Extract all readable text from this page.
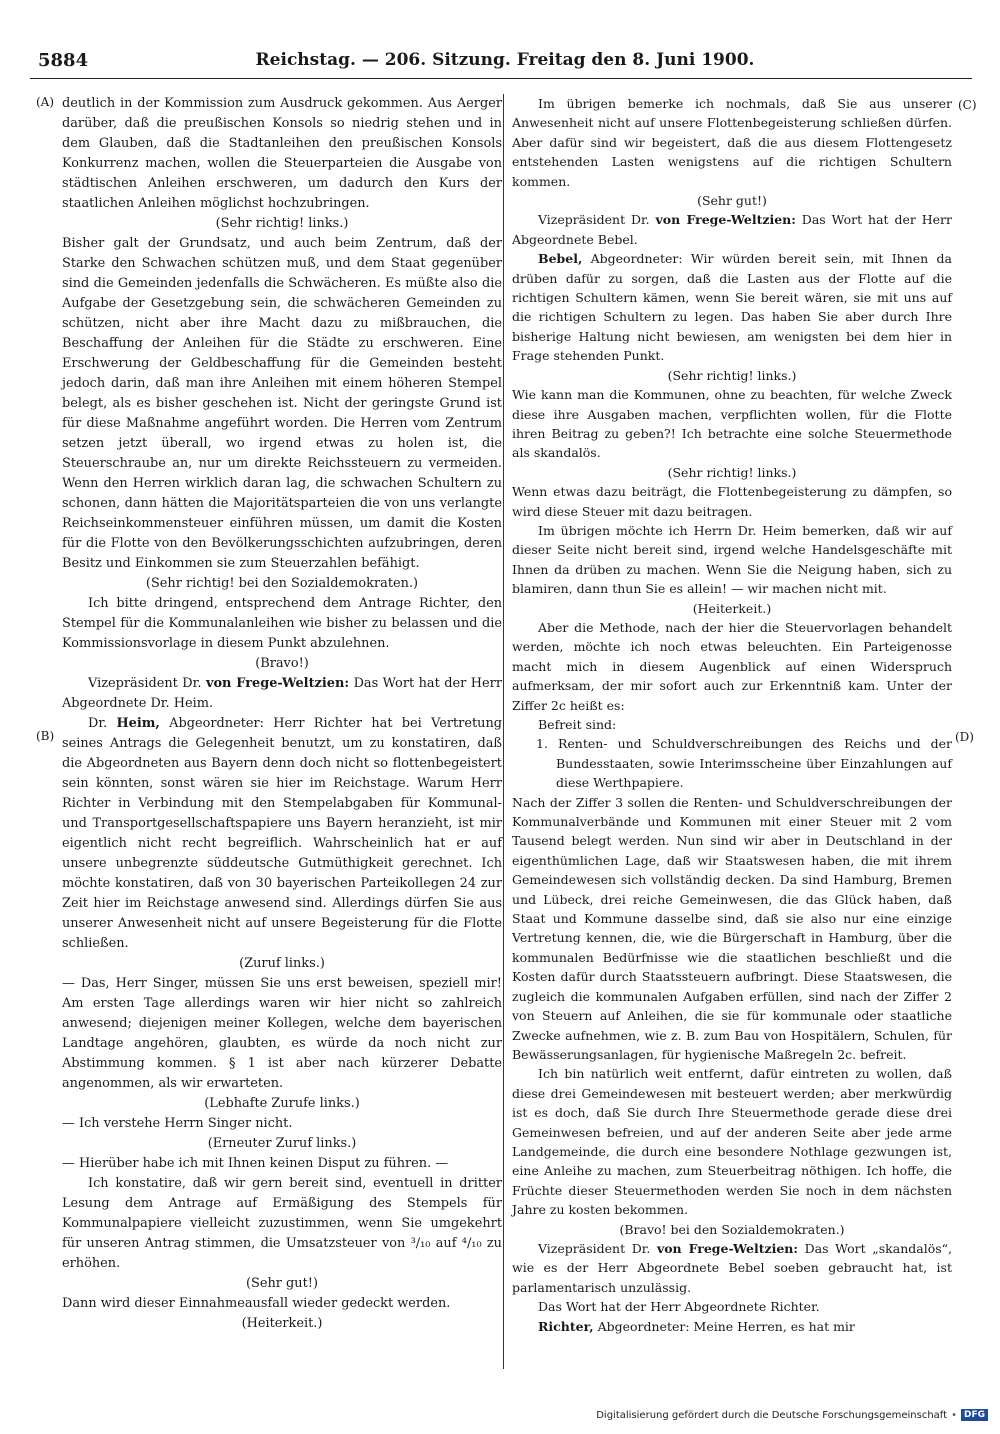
5884	Reichstag. — 206. Sitzung. Freitag den 8. Juni 1900.
(A)
(B)
(C)
(D)

deutlich in der Kommission zum Ausdruck gekommen. Aus Aerger darüber, daß die preußischen Konsols so niedrig stehen und in dem Glauben, daß die Stadtanleihen den preußischen Konsols Konkurrenz machen, wollen die Steuerparteien die Ausgabe von städtischen Anleihen erschweren, um dadurch den Kurs der staatlichen Anleihen möglichst hochzubringen.

(Sehr richtig! links.)

Bisher galt der Grundsatz, und auch beim Zentrum, daß der Starke den Schwachen schützen muß, und dem Staat gegenüber sind die Gemeinden jedenfalls die Schwächeren. Es müßte also die Aufgabe der Gesetzgebung sein, die schwächeren Gemeinden zu schützen, nicht aber ihre Macht dazu zu mißbrauchen, die Beschaffung der Anleihen für die Städte zu erschweren. Eine Erschwerung der Geldbeschaffung für die Gemeinden besteht jedoch darin, daß man ihre Anleihen mit einem höheren Stempel belegt, als es bisher geschehen ist. Nicht der geringste Grund ist für diese Maßnahme angeführt worden. Die Herren vom Zentrum setzen jetzt überall, wo irgend etwas zu holen ist, die Steuerschraube an, nur um direkte Reichssteuern zu vermeiden. Wenn den Herren wirklich daran lag, die schwachen Schultern zu schonen, dann hätten die Majoritätsparteien die von uns verlangte Reichseinkommensteuer einführen müssen, um damit die Kosten für die Flotte von den Bevölkerungsschichten aufzubringen, deren Besitz und Einkommen sie zum Steuerzahlen befähigt.

(Sehr richtig! bei den Sozialdemokraten.)

Ich bitte dringend, entsprechend dem Antrage Richter, den Stempel für die Kommunalanleihen wie bisher zu belassen und die Kommissionsvorlage in diesem Punkt abzulehnen.

(Bravo!)

Vizepräsident Dr. von Frege-Weltzien: Das Wort hat der Herr Abgeordnete Dr. Heim.

Dr. Heim, Abgeordneter: Herr Richter hat bei Vertretung seines Antrags die Gelegenheit benutzt, um zu konstatiren, daß die Abgeordneten aus Bayern denn doch nicht so flottenbegeistert sein könnten, sonst wären sie hier im Reichstage. Warum Herr Richter in Verbindung mit den Stempelabgaben für Kommunal- und Transportgesellschaftspapiere uns Bayern heranzieht, ist mir eigentlich nicht recht begreiflich. Wahrscheinlich hat er auf unsere unbegrenzte süddeutsche Gutmüthigkeit gerechnet. Ich möchte konstatiren, daß von 30 bayerischen Parteikollegen 24 zur Zeit hier im Reichstage anwesend sind. Allerdings dürfen Sie aus unserer Anwesenheit nicht auf unsere Begeisterung für die Flotte schließen.

(Zuruf links.)

— Das, Herr Singer, müssen Sie uns erst beweisen, speziell mir! Am ersten Tage allerdings waren wir hier nicht so zahlreich anwesend; diejenigen meiner Kollegen, welche dem bayerischen Landtage angehören, glaubten, es würde da noch nicht zur Abstimmung kommen. § 1 ist aber nach kürzerer Debatte angenommen, als wir erwarteten.

(Lebhafte Zurufe links.)

— Ich verstehe Herrn Singer nicht.

(Erneuter Zuruf links.)

— Hierüber habe ich mit Ihnen keinen Disput zu führen. —

Ich konstatire, daß wir gern bereit sind, eventuell in dritter Lesung dem Antrage auf Ermäßigung des Stempels für Kommunalpapiere vielleicht zuzustimmen, wenn Sie umgekehrt für unseren Antrag stimmen, die Umsatzsteuer von ³/₁₀ auf ⁴/₁₀ zu erhöhen.

(Sehr gut!)

Dann wird dieser Einnahmeausfall wieder gedeckt werden.

(Heiterkeit.)

Im übrigen bemerke ich nochmals, daß Sie aus unserer Anwesenheit nicht auf unsere Flottenbegeisterung schließen dürfen. Aber dafür sind wir begeistert, daß die aus diesem Flottengesetz entstehenden Lasten wenigstens auf die richtigen Schultern kommen.

(Sehr gut!)

Vizepräsident Dr. von Frege-Weltzien: Das Wort hat der Herr Abgeordnete Bebel.

Bebel, Abgeordneter: Wir würden bereit sein, mit Ihnen da drüben dafür zu sorgen, daß die Lasten aus der Flotte auf die richtigen Schultern kämen, wenn Sie bereit wären, sie mit uns auf die richtigen Schultern zu legen. Das haben Sie aber durch Ihre bisherige Haltung nicht bewiesen, am wenigsten bei dem hier in Frage stehenden Punkt.

(Sehr richtig! links.)

Wie kann man die Kommunen, ohne zu beachten, für welche Zweck diese ihre Ausgaben machen, verpflichten wollen, für die Flotte ihren Beitrag zu geben?! Ich betrachte eine solche Steuermethode als skandalös.

(Sehr richtig! links.)

Wenn etwas dazu beiträgt, die Flottenbegeisterung zu dämpfen, so wird diese Steuer mit dazu beitragen.

Im übrigen möchte ich Herrn Dr. Heim bemerken, daß wir auf dieser Seite nicht bereit sind, irgend welche Handelsgeschäfte mit Ihnen da drüben zu machen. Wenn Sie die Neigung haben, sich zu blamiren, dann thun Sie es allein! — wir machen nicht mit.

(Heiterkeit.)

Aber die Methode, nach der hier die Steuervorlagen behandelt werden, möchte ich noch etwas beleuchten. Ein Parteigenosse macht mich in diesem Augenblick auf einen Widerspruch aufmerksam, der mir sofort auch zur Erkenntniß kam. Unter der Ziffer 2c heißt es:

Befreit sind:

1. Renten- und Schuldverschreibungen des Reichs und der Bundesstaaten, sowie Interimsscheine über Einzahlungen auf diese Werthpapiere.

Nach der Ziffer 3 sollen die Renten- und Schuldverschreibungen der Kommunalverbände und Kommunen mit einer Steuer mit 2 vom Tausend belegt werden. Nun sind wir aber in Deutschland in der eigenthümlichen Lage, daß wir Staatswesen haben, die mit ihrem Gemeindewesen sich vollständig decken. Da sind Hamburg, Bremen und Lübeck, drei reiche Gemeinwesen, die das Glück haben, daß Staat und Kommune dasselbe sind, daß sie also nur eine einzige Vertretung kennen, die, wie die Bürgerschaft in Hamburg, über die kommunalen Bedürfnisse wie die staatlichen beschließt und die Kosten dafür durch Staatssteuern aufbringt. Diese Staatswesen, die zugleich die kommunalen Aufgaben erfüllen, sind nach der Ziffer 2 von Steuern auf Anleihen, die sie für kommunale oder staatliche Zwecke aufnehmen, wie z. B. zum Bau von Hospitälern, Schulen, für Bewässerungsanlagen, für hygienische Maßregeln 2c. befreit.

Ich bin natürlich weit entfernt, dafür eintreten zu wollen, daß diese drei Gemeindewesen mit besteuert werden; aber merkwürdig ist es doch, daß Sie durch Ihre Steuermethode gerade diese drei Gemeinwesen befreien, und auf der anderen Seite aber jede arme Landgemeinde, die durch eine besondere Nothlage gezwungen ist, eine Anleihe zu machen, zum Steuerbeitrag nöthigen. Ich hoffe, die Früchte dieser Steuermethoden werden Sie noch in dem nächsten Jahre zu kosten bekommen.

(Bravo! bei den Sozialdemokraten.)

Vizepräsident Dr. von Frege-Weltzien: Das Wort „skandalös“, wie es der Herr Abgeordnete Bebel soeben gebraucht hat, ist parlamentarisch unzulässig.

Das Wort hat der Herr Abgeordnete Richter.

Richter, Abgeordneter: Meine Herren, es hat mir

Digitalisierung gefördert durch die Deutsche Forschungsgemeinschaft • DFG
